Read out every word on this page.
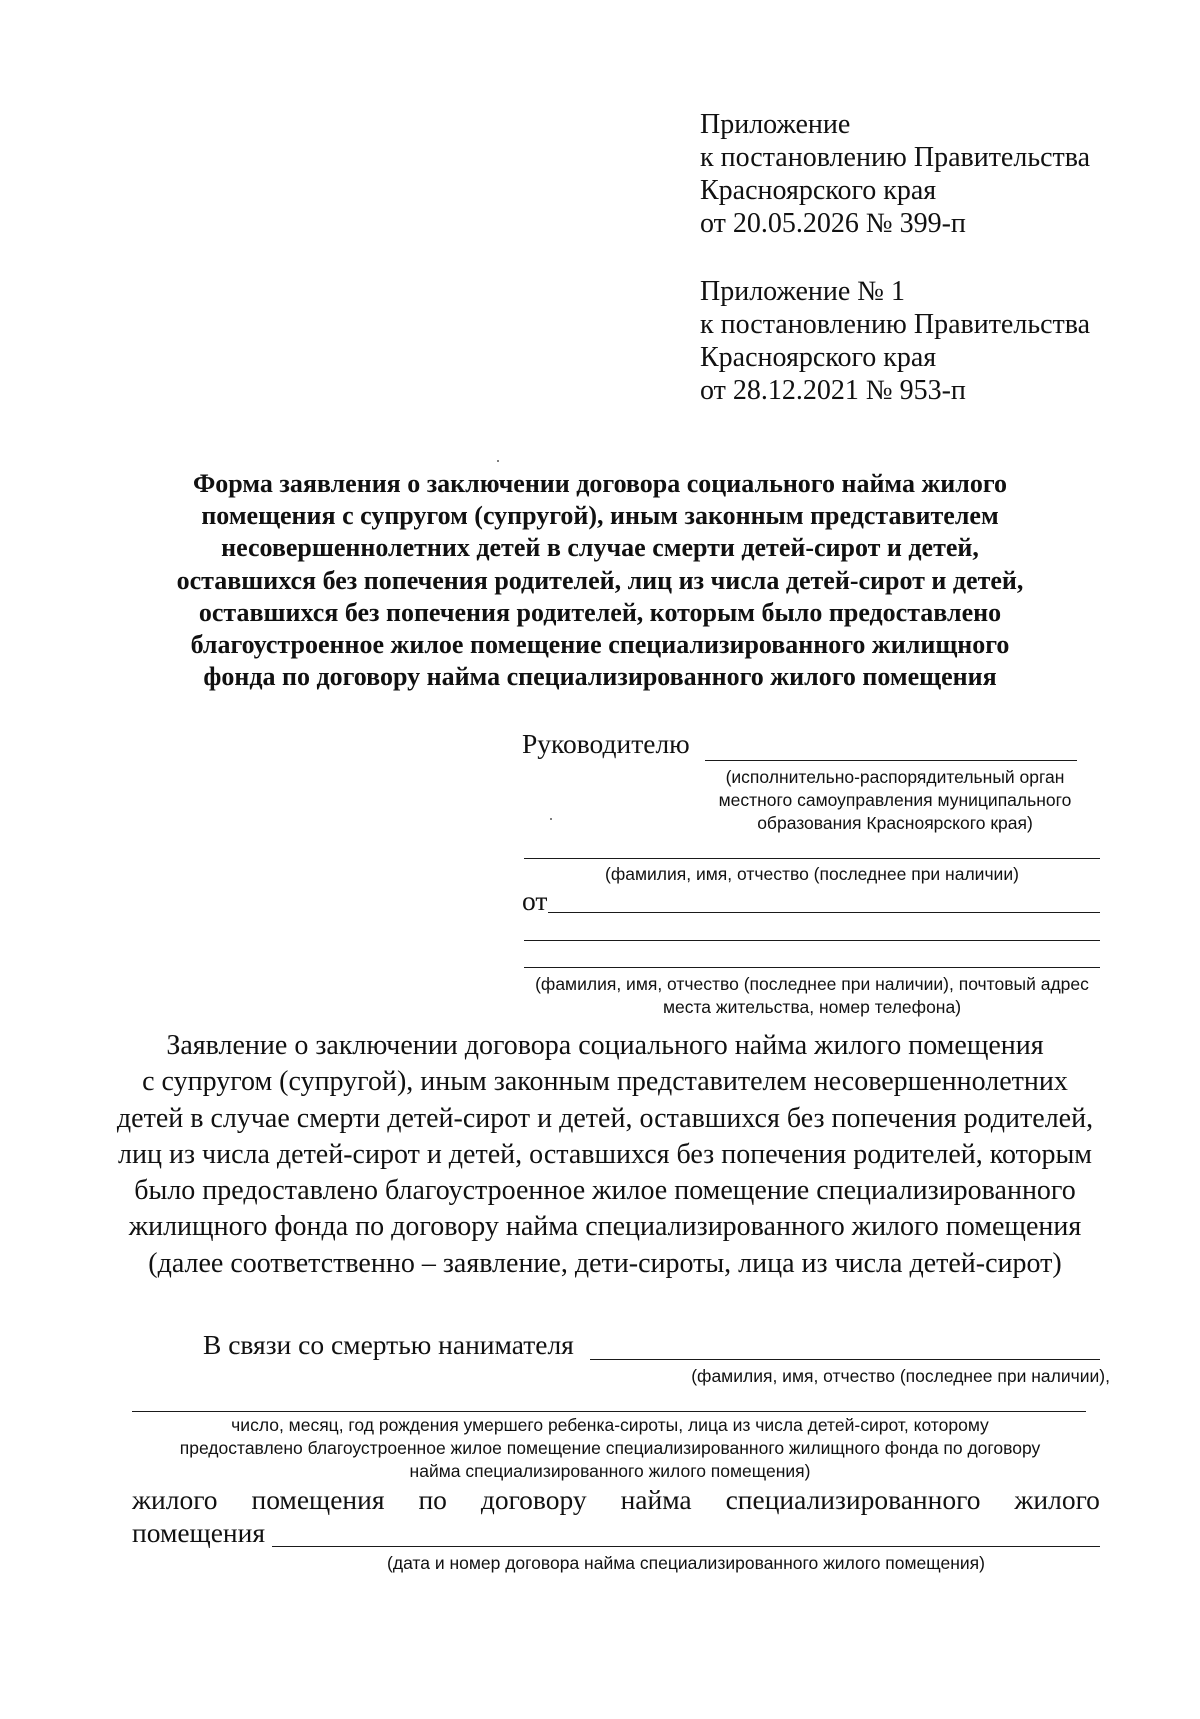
Приложение
к постановлению Правительства
Красноярского края
от 20.05.2026 № 399-п
Приложение № 1
к постановлению Правительства
Красноярского края
от 28.12.2021 № 953-п
Форма заявления о заключении договора социального найма жилого
помещения с супругом (супругой), иным законным представителем
несовершеннолетних детей в случае смерти детей-сирот и детей,
оставшихся без попечения родителей, лиц из числа детей-сирот и детей,
оставшихся без попечения родителей, которым было предоставлено
благоустроенное жилое помещение специализированного жилищного
фонда по договору найма специализированного жилого помещения
Руководителю
(исполнительно-распорядительный орган
местного самоуправления муниципального
образования Красноярского края)
(фамилия, имя, отчество (последнее при наличии)
от
(фамилия, имя, отчество (последнее при наличии), почтовый адрес
места жительства, номер телефона)
Заявление о заключении договора социального найма жилого помещения
с супругом (супругой), иным законным представителем несовершеннолетних
детей в случае смерти детей-сирот и детей, оставшихся без попечения родителей,
лиц из числа детей-сирот и детей, оставшихся без попечения родителей, которым
было предоставлено благоустроенное жилое помещение специализированного
жилищного фонда по договору найма специализированного жилого помещения
(далее соответственно – заявление, дети-сироты, лица из числа детей-сирот)
В связи со смертью нанимателя
(фамилия, имя, отчество (последнее при наличии),
число, месяц, год рождения умершего ребенка-сироты, лица из числа детей-сирот, которому
предоставлено благоустроенное жилое помещение специализированного жилищного фонда по договору
найма специализированного жилого помещения)
жилого помещения по договору найма специализированного жилого
помещения
(дата и номер договора найма специализированного жилого помещения)
